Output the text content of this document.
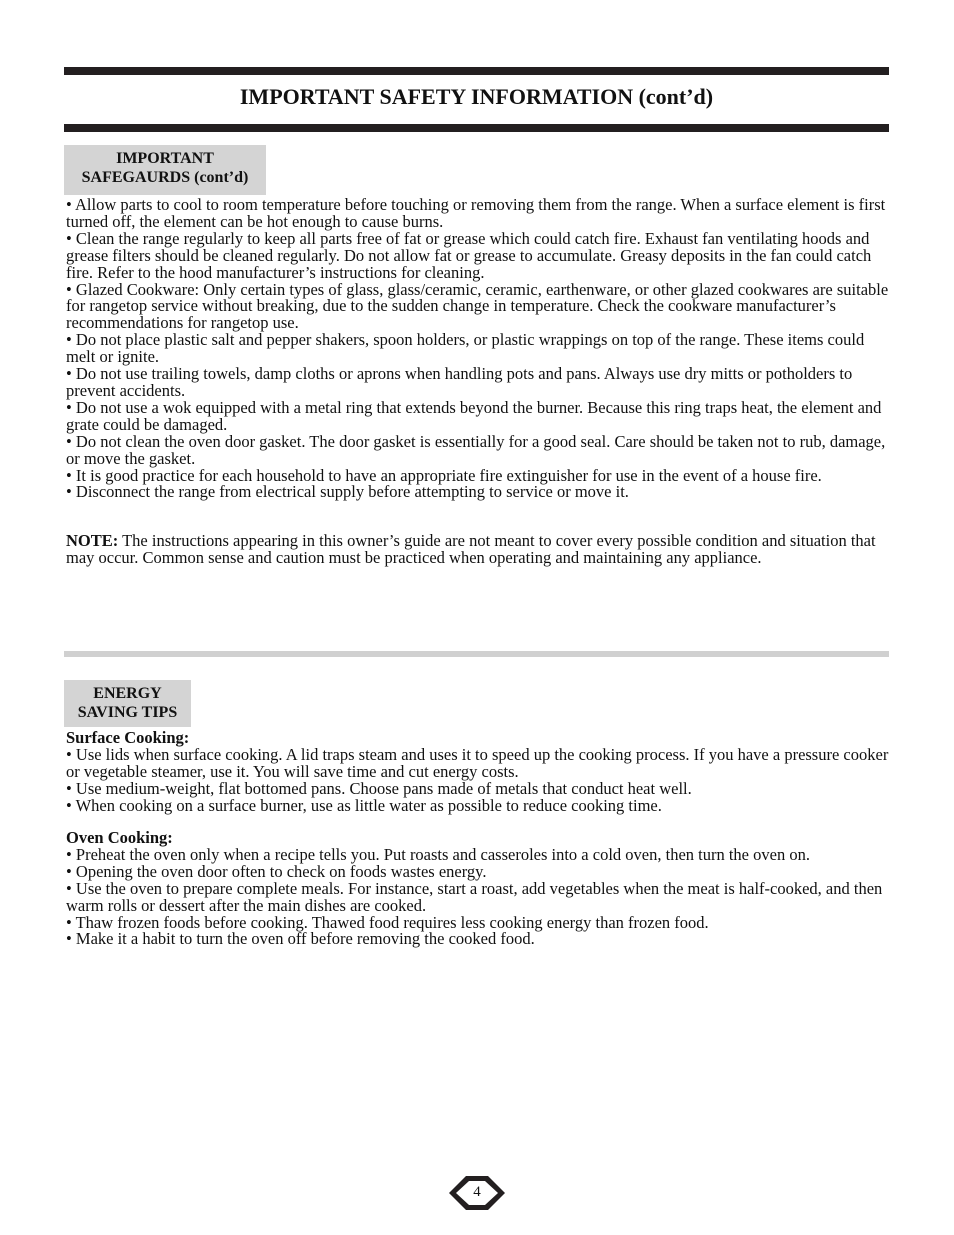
IMPORTANT SAFETY INFORMATION (cont’d)
IMPORTANT
SAFEGAURDS (cont’d)

• Allow parts to cool to room temperature before touching or removing them from the range. When a surface element is first turned off, the element can be hot enough to cause burns.

• Clean the range regularly to keep all parts free of fat or grease which could catch fire. Exhaust fan ventilating hoods and grease filters should be cleaned regularly. Do not allow fat or grease to accumulate. Greasy deposits in the fan could catch fire. Refer to the hood manufacturer’s instructions for cleaning.

• Glazed Cookware: Only certain types of glass, glass/ceramic, ceramic, earthenware, or other glazed cookwares are suitable for rangetop service without breaking, due to the sudden change in temperature. Check the cookware manufacturer’s recommendations for rangetop use.

• Do not place plastic salt and pepper shakers, spoon holders, or plastic wrappings on top of the range. These items could melt or ignite.

• Do not use trailing towels, damp cloths or aprons when handling pots and pans. Always use dry mitts or potholders to prevent accidents.

• Do not use a wok equipped with a metal ring that extends beyond the burner. Because this ring traps heat, the element and grate could be damaged.

• Do not clean the oven door gasket. The door gasket is essentially for a good seal. Care should be taken not to rub, damage, or move the gasket.

• It is good practice for each household to have an appropriate fire extinguisher for use in the event of a house fire.

• Disconnect the range from electrical supply before attempting to service or move it.

NOTE: The instructions appearing in this owner’s guide are not meant to cover every possible condition and situation that may occur. Common sense and caution must be practiced when operating and maintaining any appliance.

ENERGY
SAVING TIPS

Surface Cooking:

• Use lids when surface cooking. A lid traps steam and uses it to speed up the cooking process. If you have a pressure cooker or vegetable steamer, use it. You will save time and cut energy costs.

• Use medium-weight, flat bottomed pans. Choose pans made of metals that conduct heat well.

• When cooking on a surface burner, use as little water as possible to reduce cooking time.

Oven Cooking:

• Preheat the oven only when a recipe tells you. Put roasts and casseroles into a cold oven, then turn the oven on.

• Opening the oven door often to check on foods wastes energy.

• Use the oven to prepare complete meals. For instance, start a roast, add vegetables when the meat is half-cooked, and then warm rolls or dessert after the main dishes are cooked.

• Thaw frozen foods before cooking. Thawed food requires less cooking energy than frozen food.

• Make it a habit to turn the oven off before removing the cooked food.

4
